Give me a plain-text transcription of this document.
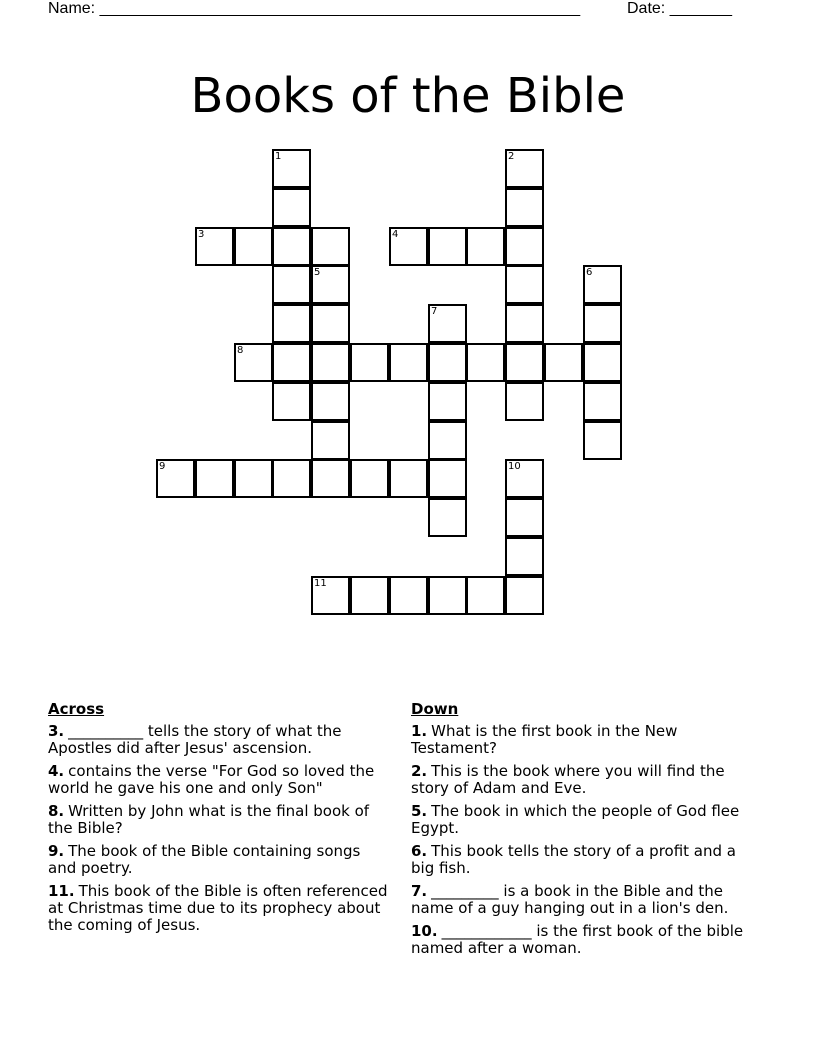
Name: ______________________________________________________	Date: _______
Books of the Bible
1	2
3	4
5	6
7
8
9	10
11
Across
3. __________ tells the story of what the Apostles did after Jesus' ascension.
4. contains the verse "For God so loved the world he gave his one and only Son"
8. Written by John what is the final book of the Bible?
9. The book of the Bible containing songs and poetry.
11. This book of the Bible is often referenced at Christmas time due to its prophecy about the coming of Jesus.
Down
1. What is the first book in the New Testament?
2. This is the book where you will find the story of Adam and Eve.
5. The book in which the people of God flee Egypt.
6. This book tells the story of a profit and a big fish.
7. _________ is a book in the Bible and the name of a guy hanging out in a lion's den.
10. ____________ is the first book of the bible named after a woman.
